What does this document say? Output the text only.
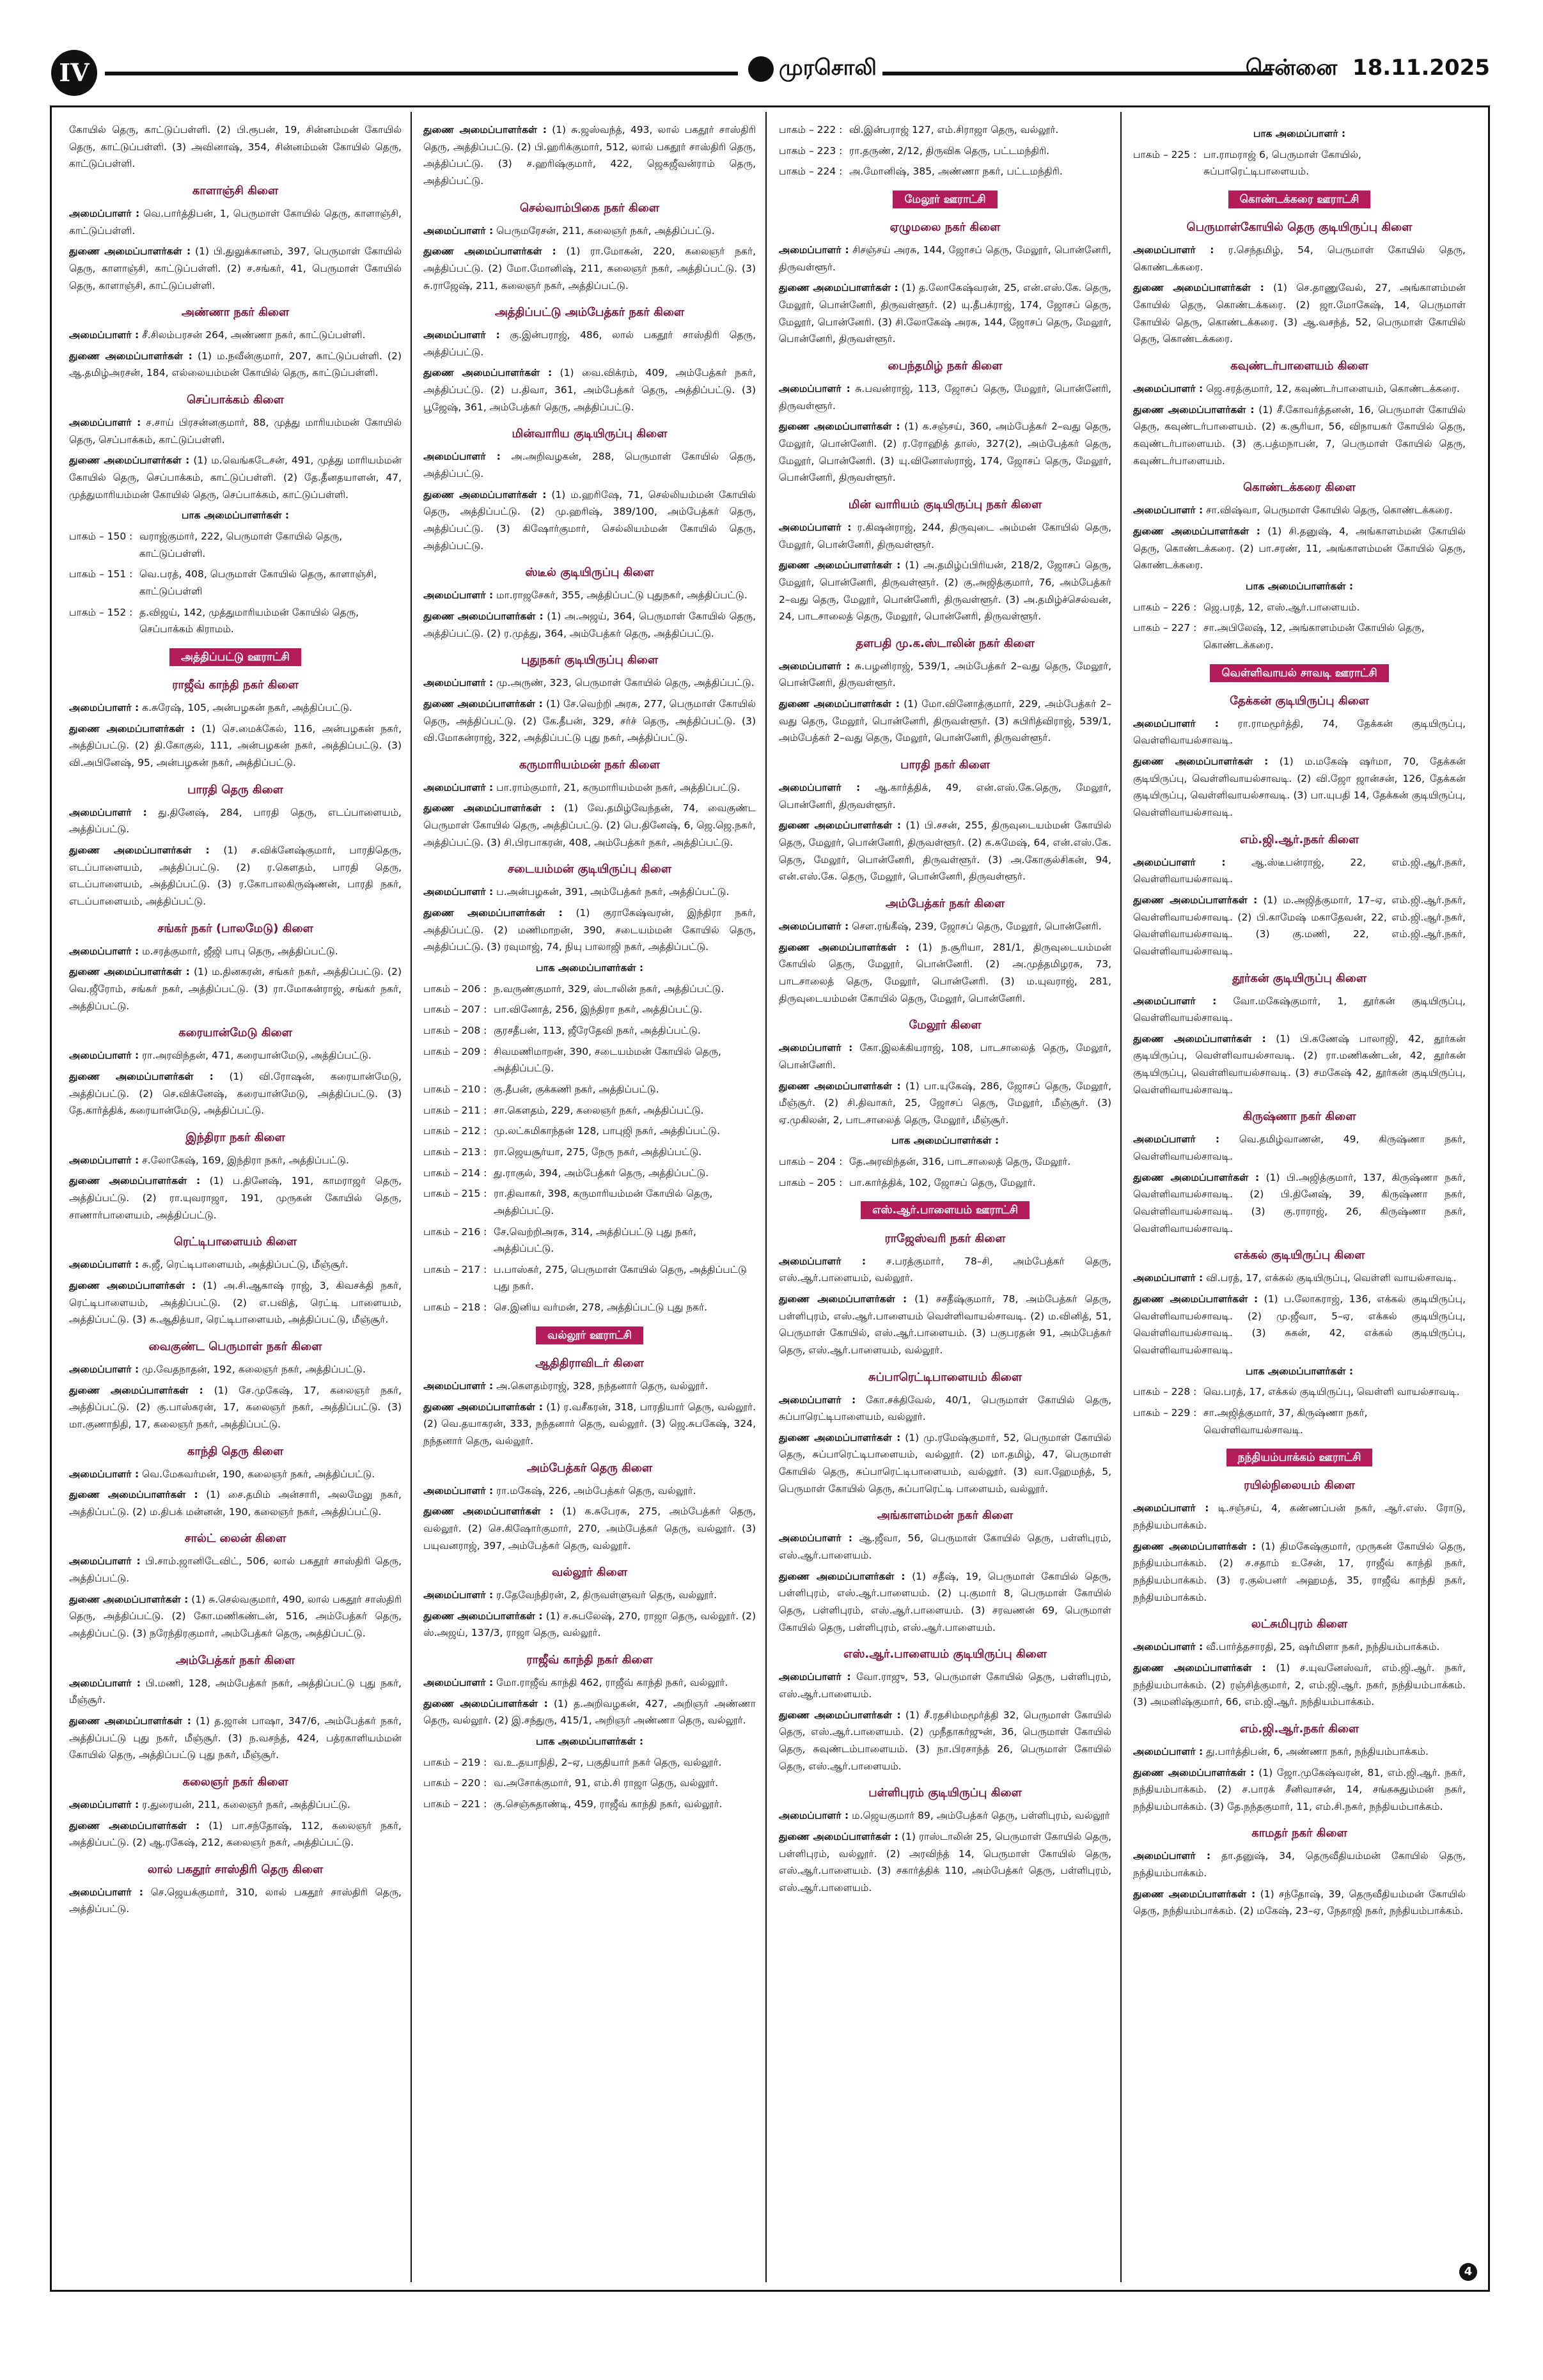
IV	முரசொலி	சென்னை 18.11.2025

கோயில் தெரு, காட்டுப்பள்ளி. (2) பி.ரூபன், 19, சின்னம்மன் கோயில் தெரு, காட்டுப்பள்ளி. (3) அவினாஷ், 354, சின்னம்மன் கோயில் தெரு, காட்டுப்பள்ளி.

காளாஞ்சி கிளை

அமைப்பாளர் : வெ.பார்த்திபன், 1, பெருமாள் கோயில் தெரு, காளாஞ்சி, காட்டுப்பள்ளி.

துணை அமைப்பாளர்கள் : (1) பி.துலுக்கானம், 397, பெருமாள் கோயில் தெரு, காளாஞ்சி, காட்டுப்பள்ளி. (2) ச.சங்கர், 41, பெருமாள் கோயில் தெரு, காளாஞ்சி, காட்டுப்பள்ளி.

அண்ணா நகர் கிளை

அமைப்பாளர் : சீ.சிலம்பரசன் 264, அண்ணா நகர், காட்டுப்பள்ளி.

துணை அமைப்பாளர்கள் : (1) ம.நவீன்குமார், 207, காட்டுப்பள்ளி. (2) ஆ.தமிழ்அரசன், 184, எல்லையம்மன் கோயில் தெரு, காட்டுப்பள்ளி.

செப்பாக்கம் கிளை

அமைப்பாளர் : ச.சாய் பிரசன்னகுமார், 88, முத்து மாரியம்மன் கோயில் தெரு, செப்பாக்கம், காட்டுப்பள்ளி.

துணை அமைப்பாளர்கள் : (1) ம.வெங்கடேசன், 491, முத்து மாரியம்மன் கோயில் தெரு, செப்பாக்கம், காட்டுப்பள்ளி. (2) தே.தீனதயாளன், 47, முத்துமாரியம்மன் கோயில் தெரு, செப்பாக்கம், காட்டுப்பள்ளி.

பாக அமைப்பாளர்கள் :
பாகம் – 150 :	வராஜ்குமார், 222, பெருமாள் கோயில் தெரு, காட்டுப்பள்ளி.
பாகம் – 151 :	வெ.பரத், 408, பெருமாள் கோயில் தெரு, காளாஞ்சி, காட்டுப்பள்ளி
பாகம் – 152 :	த.விஜய், 142, முத்துமாரியம்மன் கோயில் தெரு, செப்பாக்கம் கிராமம்.
அத்திப்பட்டு ஊராட்சி
ராஜீவ் காந்தி நகர் கிளை

அமைப்பாளர் : க.சுரேஷ், 105, அன்பழகன் நகர், அத்திப்பட்டு.

துணை அமைப்பாளர்கள் : (1) செ.மைக்கேல், 116, அன்பழகன் நகர், அத்திப்பட்டு. (2) தி.கோகுல், 111, அன்பழகன் நகர், அத்திப்பட்டு. (3) வி.அபினேஷ், 95, அன்பழகன் நகர், அத்திப்பட்டு.

பாரதி தெரு கிளை

அமைப்பாளர் : து.தினேஷ், 284, பாரதி தெரு, எடப்பாளையம், அத்திப்பட்டு.

துணை அமைப்பாளர்கள் : (1) ச.விக்னேஷ்குமார், பாரதிதெரு, எடப்பாளையம், அத்திப்பட்டு. (2) ர.கௌதம், பாரதி தெரு, எடப்பாளையம், அத்திப்பட்டு. (3) ர.கோபாலகிருஷ்ணன், பாரதி நகர், எடப்பாளையம், அத்திப்பட்டு.

சங்கர் நகர் (பாலமேடு) கிளை

அமைப்பாளர் : ம.சரத்குமார், ஜீஜி பாபு தெரு, அத்திப்பட்டு.

துணை அமைப்பாளர்கள் : (1) ம.தினகரன், சங்கர் நகர், அத்திப்பட்டு. (2) வெ.ஜீரோம், சங்கர் நகர், அத்திப்பட்டு. (3) ரா.மோகன்ராஜ், சங்கர் நகர், அத்திப்பட்டு.

கரையான்மேடு கிளை

அமைப்பாளர் : ரா.அரவிந்தன், 471, கரையான்மேடு, அத்திப்பட்டு.

துணை அமைப்பாளர்கள் : (1) வி.ரோஷன், கரையான்மேடு, அத்திப்பட்டு. (2) செ.விக்னேஷ், கரையான்மேடு, அத்திப்பட்டு. (3) தே.கார்த்திக், கரையான்மேடு, அத்திப்பட்டு.

இந்திரா நகர் கிளை

அமைப்பாளர் : ச.லோகேஷ், 169, இந்திரா நகர், அத்திப்பட்டு.

துணை அமைப்பாளர்கள் : (1) ப.தினேஷ், 191, காமராஜர் தெரு, அத்திப்பட்டு. (2) ரா.யுவராஜா, 191, முருகன் கோயில் தெரு, சாணார்பாளையம், அத்திப்பட்டு.

ரெட்டிபாளையம் கிளை

அமைப்பாளர் : சு.ஜீ, ரெட்டிபாளையம், அத்திப்பட்டு, மீஞ்சூர்.

துணை அமைப்பாளர்கள் : (1) அ.சி.ஆகாஷ் ராஜ், 3, கிவசக்தி நகர், ரெட்டிபாளையம், அத்திப்பட்டு. (2) எ.பவித், ரெட்டி பாளையம், அத்திப்பட்டு. (3) க.ஆதித்யா, ரெட்டிபாளையம், அத்திப்பட்டு, மீஞ்சூர்.

வைகுண்ட பெருமாள் நகர் கிளை

அமைப்பாளர் : மு.வேதநாதன், 192, கலைஞர் நகர், அத்திப்பட்டு.

துணை அமைப்பாளர்கள் : (1) சே.முகேஷ், 17, கலைஞர் நகர், அத்திப்பட்டு. (2) கு.பாஸ்கரன், 17, கலைஞர் நகர், அத்திப்பட்டு. (3) மா.குணாநிதி, 17, கலைஞர் நகர், அத்திப்பட்டு.

காந்தி தெரு கிளை

அமைப்பாளர் : வெ.மேகவர்மன், 190, கலைஞர் நகர், அத்திப்பட்டு.

துணை அமைப்பாளர்கள் : (1) சை.தமிம் அன்சாரி, அலமேலு நகர், அத்திப்பட்டு. (2) ம.திபக் மன்னன், 190, கலைஞர் நகர், அத்திப்பட்டு.

சால்ட் லைன் கிளை

அமைப்பாளர் : பி.சாம்.ஜானிடேவிட், 506, லால் பகதூர் சாஸ்திரி தெரு, அத்திப்பட்டு.

துணை அமைப்பாளர்கள் : (1) சு.செல்வகுமார், 490, லால் பகதூர் சாஸ்திரி தெரு, அத்திப்பட்டு. (2) கோ.மணிகண்டன், 516, அம்பேத்கர் தெரு, அத்திப்பட்டு. (3) நரேந்திரகுமார், அம்பேத்கர் தெரு, அத்திப்பட்டு.

அம்பேத்கர் நகர் கிளை

அமைப்பாளர் : பி.மணி, 128, அம்பேத்கர் நகர், அத்திப்பட்டு புது நகர், மீஞ்சூர்.

துணை அமைப்பாளர்கள் : (1) த.ஜான் பாஷா, 347/6, அம்பேத்கர் நகர், அத்திப்பட்டு புது நகர், மீஞ்சூர். (3) ந.வசந்த், 424, பத்ரகாளியம்மன் கோயில் தெரு, அத்திப்பட்டு புது நகர், மீஞ்சூர்.

கலைஞர் நகர் கிளை

அமைப்பாளர் : ர.துரையன், 211, கலைஞர் நகர், அத்திப்பட்டு.

துணை அமைப்பாளர்கள் : (1) பா.சந்தோஷ், 112, கலைஞர் நகர், அத்திப்பட்டு. (2) ஆ.ரகேஷ், 212, கலைஞர் நகர், அத்திப்பட்டு.

லால் பகதூர் சாஸ்திரி தெரு கிளை

அமைப்பாளர் : செ.ஜெயக்குமார், 310, லால் பகதூர் சாஸ்திரி தெரு, அத்திப்பட்டு.

துணை அமைப்பாளர்கள் : (1) சு.ஜஸ்வந்த், 493, லால் பகதூர் சாஸ்திரி தெரு, அத்திப்பட்டு. (2) பி.ஹரிக்குமார், 512, லால் பகதூர் சாஸ்திரி தெரு, அத்திப்பட்டு. (3) ச.ஹரிஷ்குமார், 422, ஜெகஜீவன்ராம் தெரு, அத்திப்பட்டு.

செல்வாம்பிகை நகர் கிளை

அமைப்பாளர் : பெருமரேசன், 211, கலைஞர் நகர், அத்திப்பட்டு.

துணை அமைப்பாளர்கள் : (1) ரா.மோகன், 220, கலைஞர் நகர், அத்திப்பட்டு. (2) மோ.மோனிஷ், 211, கலைஞர் நகர், அத்திப்பட்டு. (3) சு.ராஜேஷ், 211, கலைஞர் நகர், அத்திப்பட்டு.

அத்திப்பட்டு அம்பேத்கர் நகர் கிளை

அமைப்பாளர் : கு.இன்பராஜ், 486, லால் பகதூர் சாஸ்திரி தெரு, அத்திப்பட்டு.

துணை அமைப்பாளர்கள் : (1) வை.விக்ரம், 409, அம்பேத்கர் நகர், அத்திப்பட்டு. (2) ப.திவா, 361, அம்பேத்கர் தெரு, அத்திப்பட்டு. (3) பூஜேஷ், 361, அம்பேத்கர் தெரு, அத்திப்பட்டு.

மின்வாரிய குடியிருப்பு கிளை

அமைப்பாளர் : அ.அறிவழகன், 288, பெருமாள் கோயில் தெரு, அத்திப்பட்டு.

துணை அமைப்பாளர்கள் : (1) ம.ஹரிஷே, 71, செல்லியம்மன் கோயில் தெரு, அத்திப்பட்டு. (2) மு.ஹரிஷ், 389/100, அம்பேத்கர் தெரு, அத்திப்பட்டு. (3) கிஷோர்குமார், செல்லியம்மன் கோயில் தெரு, அத்திப்பட்டு.

ஸ்டீல் குடியிருப்பு கிளை

அமைப்பாளர் : மா.ராஜசேகர், 355, அத்திப்பட்டு புதுநகர், அத்திப்பட்டு.

துணை அமைப்பாளர்கள் : (1) அ.அஜய், 364, பெருமாள் கோயில் தெரு, அத்திப்பட்டு. (2) ர.முத்து, 364, அம்பேத்கர் தெரு, அத்திப்பட்டு.

புதுநகர் குடியிருப்பு கிளை

அமைப்பாளர் : மு.அருண், 323, பெருமாள் கோயில் தெரு, அத்திப்பட்டு.

துணை அமைப்பாளர்கள் : (1) சே.வெற்றி அரசு, 277, பெருமாள் கோயில் தெரு, அத்திப்பட்டு. (2) கே.தீபன், 329, சர்ச் தெரு, அத்திப்பட்டு. (3) வி.மோகன்ராஜ், 322, அத்திப்பட்டு புது நகர், அத்திப்பட்டு.

கருமாரியம்மன் நகர் கிளை

அமைப்பாளர் : பா.ராம்குமார், 21, கருமாரியம்மன் நகர், அத்திப்பட்டு.

துணை அமைப்பாளர்கள் : (1) வே.தமிழ்வேந்தன், 74, வைகுண்ட பெருமாள் கோயில் தெரு, அத்திப்பட்டு. (2) பெ.தினேஷ், 6, ஜெ.ஜெ.நகர், அத்திப்பட்டு. (3) சி.பிரபாகரன், 408, அம்பேத்கர் நகர், அத்திப்பட்டு.

சடையம்மன் குடியிருப்பு கிளை

அமைப்பாளர் : ப.அன்பழகன், 391, அம்பேத்கர் நகர், அத்திப்பட்டு.

துணை அமைப்பாளர்கள் : (1) குராகேஷ்வரன், இந்திரா நகர், அத்திப்பட்டு. (2) மணிமாறன், 390, சடையம்மன் கோயில் தெரு, அத்திப்பட்டு. (3) ரவுமாஜ், 74, நியு பாலாஜி நகர், அத்திப்பட்டு.

பாக அமைப்பாளர்கள் :
பாகம் – 206 :	ந.வருண்குமார், 329, ஸ்டாலின் நகர், அத்திப்பட்டு.
பாகம் – 207 :	பா.வினோத், 256, இந்திரா நகர், அத்திப்பட்டு.
பாகம் – 208 :	குரசதீபன், 113, ஜீரேதேவி நகர், அத்திப்பட்டு.
பாகம் – 209 :	சிவமணிமாறன், 390, சடையம்மன் கோயில் தெரு, அத்திப்பட்டு.
பாகம் – 210 :	கு.தீபன், குக்கணி நகர், அத்திப்பட்டு.
பாகம் – 211 :	சா.கௌதம், 229, கலைஞர் நகர், அத்திப்பட்டு.
பாகம் – 212 :	மு.லட்சுமிகாந்தன் 128, பாபுஜி நகர், அத்திப்பட்டு.
பாகம் – 213 :	ரா.ஜெயசூர்யா, 275, நேரு நகர், அத்திப்பட்டு.
பாகம் – 214 :	து.ராகுல், 394, அம்பேத்கர் தெரு, அத்திப்பட்டு.
பாகம் – 215 :	ரா.திவாகர், 398, கருமாரியம்மன் கோயில் தெரு, அத்திப்பட்டு.
பாகம் – 216 :	சே.வெற்றிஅரசு, 314, அத்திப்பட்டு புது நகர், அத்திப்பட்டு.
பாகம் – 217 :	ப.பாஸ்கர், 275, பெருமாள் கோயில் தெரு, அத்திப்பட்டு புது நகர்.
பாகம் – 218 :	செ.இனிய வர்மன், 278, அத்திப்பட்டு புது நகர்.
வல்லூர் ஊராட்சி
ஆதிதிராவிடர் கிளை

அமைப்பாளர் : அ.கௌதம்ராஜ், 328, நந்தனார் தெரு, வல்லூர்.

துணை அமைப்பாளர்கள் : (1) ர.வசீகரன், 318, பாரதியார் தெரு, வல்லூர். (2) வெ.தயாகரன், 333, நந்தனார் தெரு, வல்லூர். (3) ஜெ.சுபகேஷ், 324, நந்தனார் தெரு, வல்லூர்.

அம்பேத்கர் தெரு கிளை

அமைப்பாளர் : ரா.மகேஷ், 226, அம்பேத்கர் தெரு, வல்லூர்.

துணை அமைப்பாளர்கள் : (1) க.சுபேரசு, 275, அம்பேத்கர் தெரு, வல்லூர். (2) செ.கிஷோர்குமார், 270, அம்பேத்கர் தெரு, வல்லூர். (3) பயுவனராஜ், 397, அம்பேத்கர் தெரு, வல்லூர்.

வல்லூர் கிளை

அமைப்பாளர் : ர.தேவேந்திரன், 2, திருவள்ளுவர் தெரு, வல்லூர்.

துணை அமைப்பாளர்கள் : (1) ச.சுபலேஷ், 270, ராஜா தெரு, வல்லூர். (2) ஸ்.அஜய், 137/3, ராஜா தெரு, வல்லூர்.

ராஜீவ் காந்தி நகர் கிளை

அமைப்பாளர் : மோ.ராஜீவ் காந்தி 462, ராஜீவ் காந்தி நகர், வல்லூர்.

துணை அமைப்பாளர்கள் : (1) த.அறிவழகன், 427, அறிஞர் அண்ணா தெரு, வல்லூர். (2) இ.சந்துரு, 415/1, அறிஞர் அண்ணா தெரு, வல்லூர்.

பாக அமைப்பாளர்கள் :
பாகம் – 219 :	வ.உ.தயாநிதி, 2–ஏ, பகுதியார் நகர் தெரு, வல்லூர்.
பாகம் – 220 :	வ.அசோக்குமார், 91, எம்.சி ராஜா தெரு, வல்லூர்.
பாகம் – 221 :	கு.செஞ்சுதாண்டி, 459, ராஜீவ் காந்தி நகர், வல்லூர்.
பாகம் – 222 :	வி.இன்பராஜ் 127, எம்.சிராஜா தெரு, வல்லூர்.
பாகம் – 223 :	ரா.தருண், 2/12, திருவிக தெரு, பட்டமந்திரி.
பாகம் – 224 :	அ.மோனிஷ், 385, அண்ணா நகர், பட்டமந்திரி.
மேலூர் ஊராட்சி
ஏழுமலை நகர் கிளை

அமைப்பாளர் : சிசஞ்சய் அரசு, 144, ஜோசப் தெரு, மேலூர், பொன்னேரி, திருவள்ளூர்.

துணை அமைப்பாளர்கள் : (1) த.லோகேஷ்வரன், 25, என்.எஸ்.கே. தெரு, மேலூர், பொன்னேரி, திருவள்ளூர். (2) யு.தீபக்ராஜ், 174, ஜோசப் தெரு, மேலூர், பொன்னேரி. (3) சி.லோகேஷ் அரசு, 144, ஜோசப் தெரு, மேலூர், பொன்னேரி, திருவள்ளூர்.

பைந்தமிழ் நகர் கிளை

அமைப்பாளர் : சு.பவன்ராஜ், 113, ஜோசப் தெரு, மேலூர், பொன்னேரி, திருவள்ளூர்.

துணை அமைப்பாளர்கள் : (1) க.சஞ்சய், 360, அம்பேத்கர் 2–வது தெரு, மேலூர், பொன்னேரி. (2) ர.ரோஹித் தாஸ், 327(2), அம்பேத்கர் தெரு, மேலூர், பொன்னேரி. (3) யு.வினோஸ்ராஜ், 174, ஜோசப் தெரு, மேலூர், பொன்னேரி, திருவள்ளூர்.

மின் வாரியம் குடியிருப்பு நகர் கிளை

அமைப்பாளர் : ர.கிஷன்ராஜ், 244, திருவுடை அம்மன் கோயில் தெரு, மேலூர், பொன்னேரி, திருவள்ளூர்.

துணை அமைப்பாளர்கள் : (1) அ.தமிழ்ப்பிரியன், 218/2, ஜோசப் தெரு, மேலூர், பொன்னேரி, திருவள்ளூர். (2) கு.அஜித்குமார், 76, அம்பேத்கர் 2–வது தெரு, மேலூர், பொன்னேரி, திருவள்ளூர். (3) அ.தமிழ்ச்செல்வன், 24, பாடசாலைத் தெரு, மேலூர், பொன்னேரி, திருவள்ளூர்.

தளபதி மு.க.ஸ்டாலின் நகர் கிளை

அமைப்பாளர் : சு.பழனிராஜ், 539/1, அம்பேத்கர் 2–வது தெரு, மேலூர், பொன்னேரி, திருவள்ளூர்.

துணை அமைப்பாளர்கள் : (1) மோ.வினோத்குமார், 229, அம்பேத்கர் 2–வது தெரு, மேலூர், பொன்னேரி, திருவள்ளூர். (3) சுபிரித்விராஜ், 539/1, அம்பேத்கர் 2–வது தெரு, மேலூர், பொன்னேரி, திருவள்ளூர்.

பாரதி நகர் கிளை

அமைப்பாளர் : ஆ.கார்த்திக், 49, என்.எஸ்.கே.தெரு, மேலூர், பொன்னேரி, திருவள்ளூர்.

துணை அமைப்பாளர்கள் : (1) பி.சசன், 255, திருவுடையம்மன் கோயில் தெரு, மேலூர், பொன்னேரி, திருவள்ளூர். (2) க.சுமேஷ், 64, என்.எஸ்.கே. தெரு, மேலூர், பொன்னேரி, திருவள்ளூர். (3) அ.கோகுல்சிகன், 94, என்.எஸ்.கே. தெரு, மேலூர், பொன்னேரி, திருவள்ளூர்.

அம்பேத்கர் நகர் கிளை

அமைப்பாளர் : செள.ரங்கீஷ், 239, ஜோசப் தெரு, மேலூர், பொன்னேரி.

துணை அமைப்பாளர்கள் : (1) ந.சூரியா, 281/1, திருவுடையம்மன் கோயில் தெரு, மேலூர், பொன்னேரி. (2) அ.முத்தமிழரசு, 73, பாடசாலைத் தெரு, மேலூர், பொன்னேரி. (3) ம.யுவராஜ், 281, திருவுடையம்மன் கோயில் தெரு, மேலூர், பொன்னேரி.

மேலூர் கிளை

அமைப்பாளர் : கோ.இலக்கியராஜ், 108, பாடசாலைத் தெரு, மேலூர், பொன்னேரி.

துணை அமைப்பாளர்கள் : (1) பா.யுகேஷ், 286, ஜோசப் தெரு, மேலூர், மீஞ்சூர். (2) சி.திவாகர், 25, ஜோசப் தெரு, மேலூர், மீஞ்சூர். (3) ஏ.முகிலன், 2, பாடசாலைத் தெரு, மேலூர், மீஞ்சூர்.

பாக அமைப்பாளர்கள் :
பாகம் – 204 :	தே.அரவிந்தன், 316, பாடசாலைத் தெரு, மேலூர்.
பாகம் – 205 :	பா.கார்த்திக், 102, ஜோசப் தெரு, மேலூர்.
எஸ்.ஆர்.பாளையம் ஊராட்சி
ராஜேஸ்வரி நகர் கிளை

அமைப்பாளர் : ச.பரத்குமார், 78–சி, அம்பேத்கர் தெரு, எஸ்.ஆர்.பாளையம், வல்லூர்.

துணை அமைப்பாளர்கள் : (1) சசதீஷ்குமார், 78, அம்பேத்கர் தெரு, பள்ளிபுரம், எஸ்.ஆர்.பாளையம் வெள்ளிவாயல்சாவடி. (2) ம.வினித், 51, பெருமாள் கோயில், எஸ்.ஆர்.பாளையம். (3) பகுபரதன் 91, அம்பேத்கர் தெரு, எஸ்.ஆர்.பாளையம், வல்லூர்.

சுப்பாரெட்டிபாளையம் கிளை

அமைப்பாளர் : கோ.சக்திவேல், 40/1, பெருமாள் கோயில் தெரு, சுப்பாரெட்டிபாளையம், வல்லூர்.

துணை அமைப்பாளர்கள் : (1) மு.ரமேஷ்குமார், 52, பெருமாள் கோயில் தெரு, சுப்பாரெட்டிபாளையம், வல்லூர். (2) மா.தமிழ், 47, பெருமாள் கோயில் தெரு, சுப்பாரெட்டிபாளையம், வல்லூர். (3) வா.ஹேமந்த், 5, பெருமாள் கோயில் தெரு, சுப்பாரெட்டி பாளையம், வல்லூர்.

அங்காளம்மன் நகர் கிளை

அமைப்பாளர் : ஆ.ஜீவா, 56, பெருமாள் கோயில் தெரு, பள்ளிபுரம், எஸ்.ஆர்.பாளையம்.

துணை அமைப்பாளர்கள் : (1) சதீஷ், 19, பெருமாள் கோயில் தெரு, பள்ளிபுரம், எஸ்.ஆர்.பாளையம். (2) பு.குமார் 8, பெருமாள் கோயில் தெரு, பள்ளிபுரம், எஸ்.ஆர்.பாளையம். (3) சரவணன் 69, பெருமாள் கோயில் தெரு, பள்ளிபுரம், எஸ்.ஆர்.பாளையம்.

எஸ்.ஆர்.பாளையம் குடியிருப்பு கிளை

அமைப்பாளர் : வோ.ராஜு, 53, பெருமாள் கோயில் தெரு, பள்ளிபுரம், எஸ்.ஆர்.பாளையம்.

துணை அமைப்பாளர்கள் : (1) சீ.ரதசிம்மமூர்த்தி 32, பெருமாள் கோயில் தெரு, எஸ்.ஆர்.பாளையம். (2) முநீதாகர்ஜுன், 36, பெருமாள் கோயில் தெரு, சுவுண்டம்பாளையம். (3) நா.பிரசாந்த் 26, பெருமாள் கோயில் தெரு, எஸ்.ஆர்.பாளையம்.

பள்ளிபுரம் குடியிருப்பு கிளை

அமைப்பாளர் : ம.ஜெயகுமார் 89, அம்பேத்கர் தெரு, பள்ளிபுரம், வல்லூர்

துணை அமைப்பாளர்கள் : (1) ராஸ்டாலின் 25, பெருமாள் கோயில் தெரு, பள்ளிபுரம், வல்லூர். (2) அரவிந்த் 14, பெருமாள் கோயில் தெரு, எஸ்.ஆர்.பாளையம். (3) சகார்த்திக் 110, அம்பேத்கர் தெரு, பள்ளிபுரம், எஸ்.ஆர்.பாளையம்.

பாக அமைப்பாளர் :
பாகம் – 225 :	பா.ராமராஜ் 6, பெருமாள் கோயில், சுப்பாரெட்டிபாளையம்.
கொண்டக்கரை ஊராட்சி
பெருமாள்கோயில் தெரு குடியிருப்பு கிளை

அமைப்பாளர் : ர.செந்தமிழ், 54, பெருமாள் கோயில் தெரு, கொண்டக்கரை.

துணை அமைப்பாளர்கள் : (1) செ.தாணுவேல், 27, அங்காளம்மன் கோயில் தெரு, கொண்டக்கரை. (2) ஜா.மோகேஷ், 14, பெருமாள் கோயில் தெரு, கொண்டக்கரை. (3) ஆ.வசந்த், 52, பெருமாள் கோயில் தெரு, கொண்டக்கரை.

கவுண்டர்பாளையம் கிளை

அமைப்பாளர் : ஜெ.சரத்குமார், 12, கவுண்டர்பாளையம், கொண்டக்கரை.

துணை அமைப்பாளர்கள் : (1) சீ.கோவர்த்தனன், 16, பெருமாள் கோயில் தெரு, கவுண்டர்பாளையம். (2) க.சூரியா, 56, விநாயகர் கோயில் தெரு, கவுண்டர்பாளையம். (3) கு.பத்மநாபன், 7, பெருமாள் கோயில் தெரு, கவுண்டர்பாளையம்.

கொண்டக்கரை கிளை

அமைப்பாளர் : சா.விஷ்வா, பெருமாள் கோயில் தெரு, கொண்டக்கரை.

துணை அமைப்பாளர்கள் : (1) சி.தனுஷ், 4, அங்காளம்மன் கோயில் தெரு, கொண்டக்கரை. (2) பா.சரண், 11, அங்காளம்மன் கோயில் தெரு, கொண்டக்கரை.

பாக அமைப்பாளர்கள் :
பாகம் – 226 :	ஜெ.பரத், 12, எஸ்.ஆர்.பாளையம்.
பாகம் – 227 :	சா.அபிலேஷ், 12, அங்காளம்மன் கோயில் தெரு, கொண்டக்கரை.
வெள்ளிவாயல் சாவடி ஊராட்சி
தேக்கன் குடியிருப்பு கிளை

அமைப்பாளர் : ரா.ராமமூர்த்தி, 74, தேக்கன் குடியிருப்பு, வெள்ளிவாயல்சாவடி.

துணை அமைப்பாளர்கள் : (1) ம.மகேஷ் ஷர்மா, 70, தேக்கன் குடியிருப்பு, வெள்ளிவாயல்சாவடி. (2) வி.ஜோ ஜான்சன், 126, தேக்கன் குடியிருப்பு, வெள்ளிவாயல்சாவடி. (3) பா.யுபதி 14, தேக்கன் குடியிருப்பு, வெள்ளிவாயல்சாவடி.

எம்.ஜி.ஆர்.நகர் கிளை

அமைப்பாளர் :	ஆ.ஸ்டீபன்ராஜ், 22, எம்.ஜி.ஆர்.நகர், வெள்ளிவாயல்சாவடி.

துணை அமைப்பாளர்கள் : (1) ம.அஜித்குமார், 17–ஏ, எம்.ஜி.ஆர்.நகர், வெள்ளிவாயல்சாவடி. (2) பி.காமேஷ் மகாதேவன், 22, எம்.ஜி.ஆர்.நகர், வெள்ளிவாயல்சாவடி. (3) கு.மணி, 22, எம்.ஜி.ஆர்.நகர், வெள்ளிவாயல்சாவடி.

தூர்கன் குடியிருப்பு கிளை

அமைப்பாளர் : வோ.மகேஷ்குமார், 1, தூர்கன் குடியிருப்பு, வெள்ளிவாயல்சாவடி.

துணை அமைப்பாளர்கள் : (1) பி.கணேஷ் பாலாஜி, 42, தூர்கன் குடியிருப்பு, வெள்ளிவாயல்சாவடி. (2) ரா.மணிகண்டன், 42, தூர்கன் குடியிருப்பு, வெள்ளிவாயல்சாவடி. (3) சமகேஷ் 42, தூர்கன் குடியிருப்பு, வெள்ளிவாயல்சாவடி.

கிருஷ்ணா நகர் கிளை

அமைப்பாளர் : வெ.தமிழ்வாணன், 49, கிருஷ்ணா நகர், வெள்ளிவாயல்சாவடி.

துணை அமைப்பாளர்கள் : (1) பி.அஜித்குமார், 137, கிருஷ்ணா நகர், வெள்ளிவாயல்சாவடி. (2) பி.தினேஷ், 39, கிருஷ்ணா நகர், வெள்ளிவாயல்சாவடி. (3) கு.ராராஜ், 26, கிருஷ்ணா நகர், வெள்ளிவாயல்சாவடி.

எக்கல் குடியிருப்பு கிளை

அமைப்பாளர் : வி.பரத், 17, எக்கல் குடியிருப்பு, வெள்ளி வாயல்சாவடி.

துணை அமைப்பாளர்கள் : (1) ப.லோகராஜ், 136, எக்கல் குடியிருப்பு, வெள்ளிவாயல்சாவடி. (2) மு.ஜீவா, 5–ஏ, எக்கல் குடியிருப்பு, வெள்ளிவாயல்சாவடி. (3) சுகன், 42, எக்கல் குடியிருப்பு, வெள்ளிவாயல்சாவடி.

பாக அமைப்பாளர்கள் :
பாகம் – 228 :	வெ.பரத், 17, எக்கல் குடியிருப்பு, வெள்ளி வாயல்சாவடி.
பாகம் – 229 :	சா.அஜித்குமார், 37, கிருஷ்ணா நகர், வெள்ளிவாயல்சாவடி.
நந்தியம்பாக்கம் ஊராட்சி
ரயில்நிலையம் கிளை

அமைப்பாளர் : டி.சஞ்சய், 4, கண்ணப்பன் நகர், ஆர்.எஸ். ரோடு, நந்தியம்பாக்கம்.

துணை அமைப்பாளர்கள் : (1) திமகேஷ்குமார், முருகன் கோயில் தெரு, நந்தியம்பாக்கம். (2) ச.சதாம் உசேன், 17, ராஜீவ் காந்தி நகர், நந்தியம்பாக்கம். (3) ர.குல்பனர் அஹமத், 35, ராஜீவ் காந்தி நகர், நந்தியம்பாக்கம்.

லட்சுமிபுரம் கிளை

அமைப்பாளர் : வீ.பார்த்தசாரதி, 25, ஷர்மிளா நகர், நந்தியம்பாக்கம்.

துணை அமைப்பாளர்கள் : (1) ச.யுவனேஸ்வர், எம்.ஜி.ஆர். நகர், நந்தியம்பாக்கம். (2) ரஞ்சித்குமார், 2, எம்.ஜி.ஆர். நகர், நந்தியம்பாக்கம். (3) அமனிஷ்குமார், 66, எம்.ஜி.ஆர். நந்தியம்பாக்கம்.

எம்.ஜி.ஆர்.நகர் கிளை

அமைப்பாளர் : து.பார்த்திபன், 6, அண்ணா நகர், நந்தியம்பாக்கம்.

துணை அமைப்பாளர்கள் : (1) ஜோ.முகேஷ்வரன், 81, எம்.ஜி.ஆர். நகர், நந்தியம்பாக்கம். (2) ச.பாரக் சீனிவாசன், 14, சங்கசுதும்மன் நகர், நந்தியம்பாக்கம். (3) தே.நந்தகுமார், 11, எம்.சி.நகர், நந்தியம்பாக்கம்.

காமதர் நகர் கிளை

அமைப்பாளர் : தா.தனுஷ், 34, தெருவீதியம்மன் கோயில் தெரு, நந்தியம்பாக்கம்.

துணை அமைப்பாளர்கள் : (1) சந்தோஷ், 39, தெருவீதியம்மன் கோயில் தெரு, நந்தியம்பாக்கம். (2) மகேஷ், 23–ஏ, நேதாஜி நகர், நந்தியம்பாக்கம்.

4
